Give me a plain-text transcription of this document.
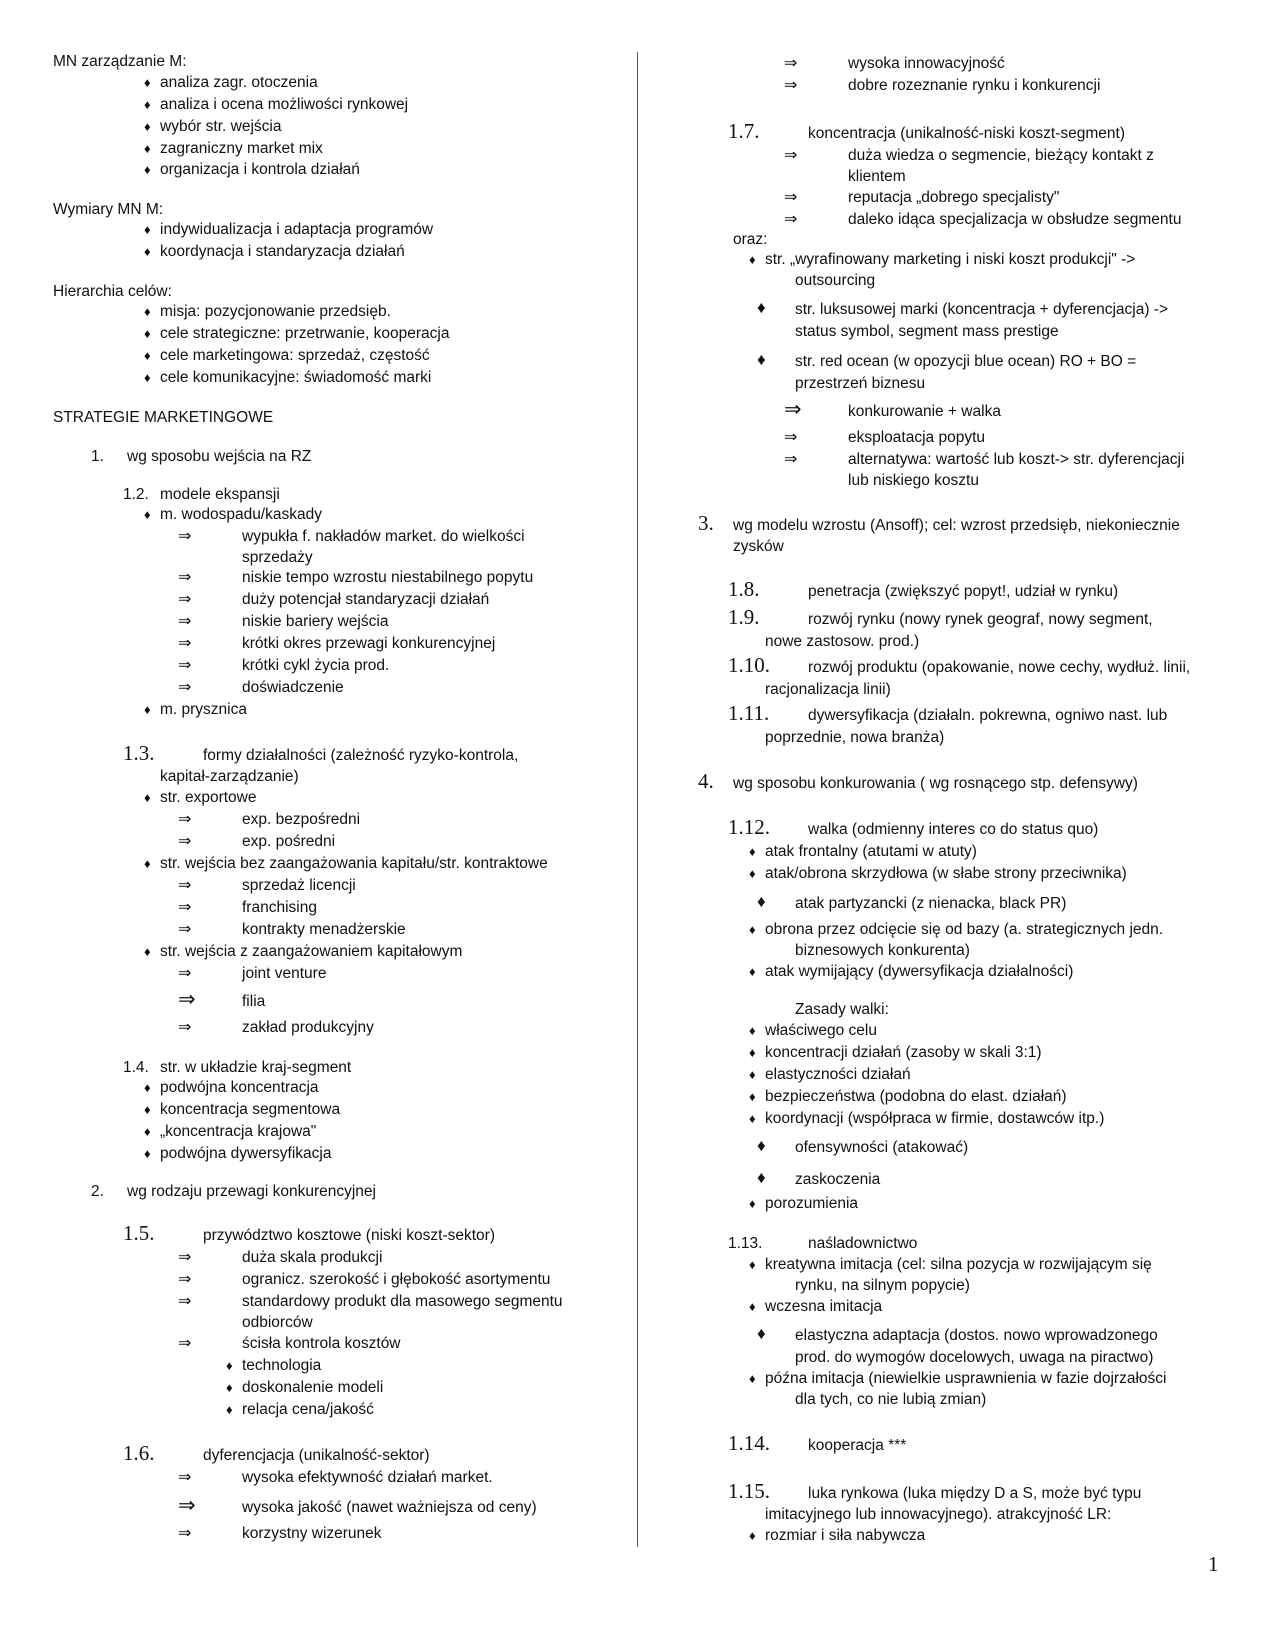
MN zarządzanie M:
♦ analiza zagr. otoczenia
♦ analiza i ocena możliwości rynkowej
♦ wybór str. wejścia
♦ zagraniczny market mix
♦ organizacja i kontrola działań
Wymiary MN M:
♦ indywidualizacja i adaptacja programów
♦ koordynacja i standaryzacja działań
Hierarchia celów:
♦ misja: pozycjonowanie przedsięb.
♦ cele strategiczne: przetrwanie, kooperacja
♦ cele marketingowa: sprzedaż, częstość
♦ cele komunikacyjne: świadomość marki
STRATEGIE MARKETINGOWE
1. wg sposobu wejścia na RZ
1.2. modele ekspansji
♦ m. wodospadu/kaskady
⇒ wypukła f. nakładów market. do wielkości
sprzedaży
⇒ niskie tempo wzrostu niestabilnego popytu
⇒ duży potencjał standaryzacji działań
⇒ niskie bariery wejścia
⇒ krótki okres przewagi konkurencyjnej
⇒ krótki cykl życia prod.
⇒ doświadczenie
♦ m. prysznica
1.3.	formy działalności (zależność ryzyko-kontrola,
kapitał-zarządzanie)
♦ str. exportowe
⇒ exp. bezpośredni
⇒ exp. pośredni
♦ str. wejścia bez zaangażowania kapitału/str. kontraktowe
⇒ sprzedaż licencji
⇒ franchising
⇒ kontrakty menadżerskie
♦ str. wejścia z zaangażowaniem kapitałowym
⇒ joint venture
⇒ filia
⇒ zakład produkcyjny
1.4. str. w układzie kraj-segment
♦ podwójna koncentracja
♦ koncentracja segmentowa
♦ „koncentracja krajowa"
♦ podwójna dywersyfikacja
2. wg rodzaju przewagi konkurencyjnej
1.5.	przywództwo kosztowe (niski koszt-sektor)
⇒ duża skala produkcji
⇒ ogranicz. szerokość i głębokość asortymentu
⇒ standardowy produkt dla masowego segmentu
odbiorców
⇒ ścisła kontrola kosztów
♦ technologia
♦ doskonalenie modeli
♦ relacja cena/jakość
1.6.	dyferencjacja (unikalność-sektor)
⇒ wysoka efektywność działań market.
⇒ wysoka jakość (nawet ważniejsza od ceny)
⇒ korzystny wizerunek
⇒ wysoka innowacyjność
⇒ dobre rozeznanie rynku i konkurencji
1.7.	koncentracja (unikalność-niski koszt-segment)
⇒ duża wiedza o segmencie, bieżący kontakt z
klientem
⇒ reputacja „dobrego specjalisty"
⇒ daleko idąca specjalizacja w obsłudze segmentu
oraz:
♦ str. „wyrafinowany marketing i niski koszt produkcji" ->
outsourcing
♦ str. luksusowej marki (koncentracja + dyferencjacja) ->
status symbol, segment mass prestige
♦ str. red ocean (w opozycji blue ocean) RO + BO =
przestrzeń biznesu
⇒ konkurowanie + walka
⇒ eksploatacja popytu
⇒ alternatywa: wartość lub koszt-> str. dyferencjacji
lub niskiego kosztu
3. wg modelu wzrostu (Ansoff); cel: wzrost przedsięb, niekoniecznie
zysków
1.8.	penetracja (zwiększyć popyt!, udział w rynku)
1.9.	rozwój rynku (nowy rynek geograf, nowy segment,
nowe zastosow. prod.)
1.10. rozwój produktu (opakowanie, nowe cechy, wydłuż. linii,
racjonalizacja linii)
1.11.	dywersyfikacja (działaln. pokrewna, ogniwo nast. lub
poprzednie, nowa branża)
4. wg sposobu konkurowania ( wg rosnącego stp. defensywy)
1.12. walka (odmienny interes co do status quo)
♦ atak frontalny (atutami w atuty)
♦ atak/obrona skrzydłowa (w słabe strony przeciwnika)
♦ atak partyzancki (z nienacka, black PR)
♦ obrona przez odcięcie się od bazy (a. strategicznych jedn.
biznesowych konkurenta)
♦ atak wymijający (dywersyfikacja działalności)
Zasady walki:
♦ właściwego celu
♦ koncentracji działań (zasoby w skali 3:1)
♦ elastyczności działań
♦ bezpieczeństwa (podobna do elast. działań)
♦ koordynacji (współpraca w firmie, dostawców itp.)
♦ ofensywności (atakować)
♦ zaskoczenia
♦ porozumienia
1.13.	naśladownictwo
♦ kreatywna imitacja (cel: silna pozycja w rozwijającym się
rynku, na silnym popycie)
♦ wczesna imitacja
♦ elastyczna adaptacja (dostos. nowo wprowadzonego
prod. do wymogów docelowych, uwaga na piractwo)
♦ późna imitacja (niewielkie usprawnienia w fazie dojrzałości
dla tych, co nie lubią zmian)
1.14. kooperacja ***
1.15. luka rynkowa (luka między D a S, może być typu
imitacyjnego lub innowacyjnego). atrakcyjność LR:
♦ rozmiar i siła nabywcza
1
